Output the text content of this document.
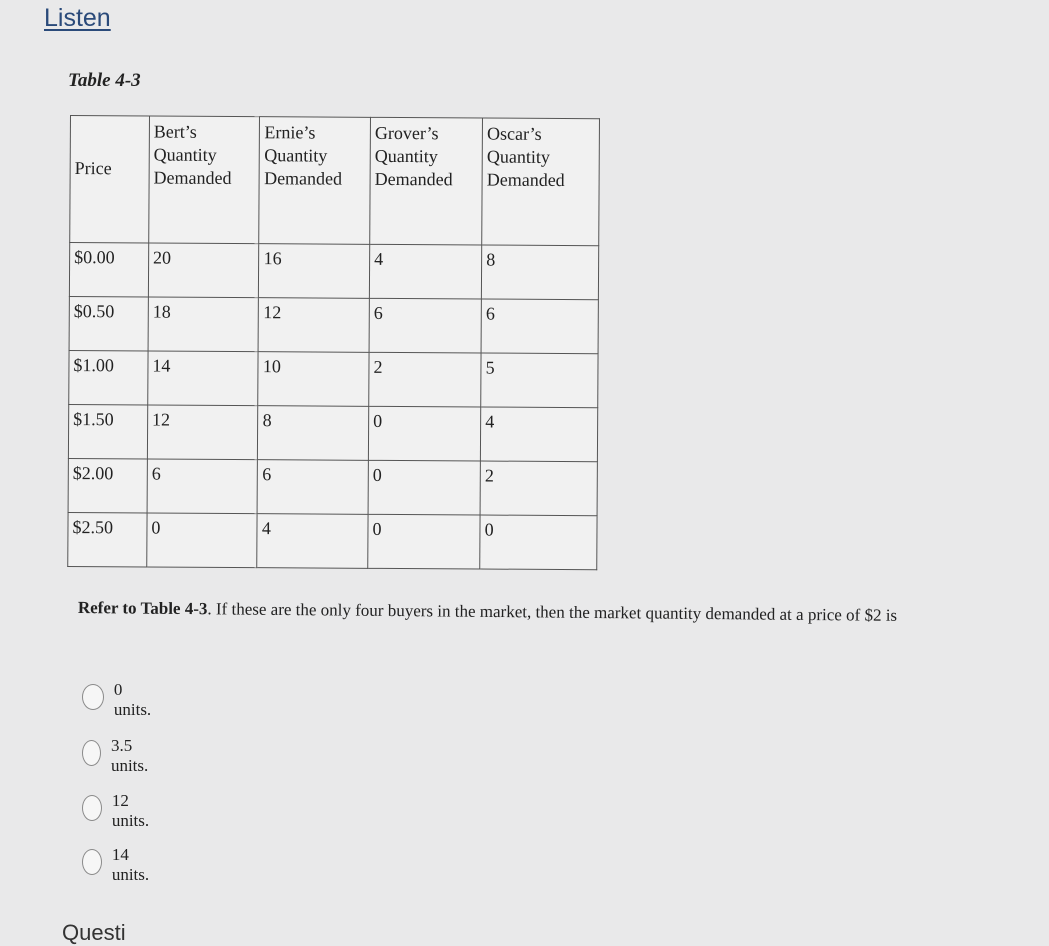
Listen
Table 4-3
Price	Bert’s
Quantity
Demanded	Ernie’s
Quantity
Demanded	Grover’s
Quantity
Demanded	Oscar’s
Quantity
Demanded

$0.00	20	16	4	8
$0.50	18	12	6	6
$1.00	14	10	2	5
$1.50	12	8	0	4
$2.00	6	6	0	2
$2.50	0	4	0	0
Refer to Table 4-3. If these are the only four buyers in the market, then the market quantity demanded at a price of $2 is
0 units.
3.5 units.
12 units.
14 units.
Questi
